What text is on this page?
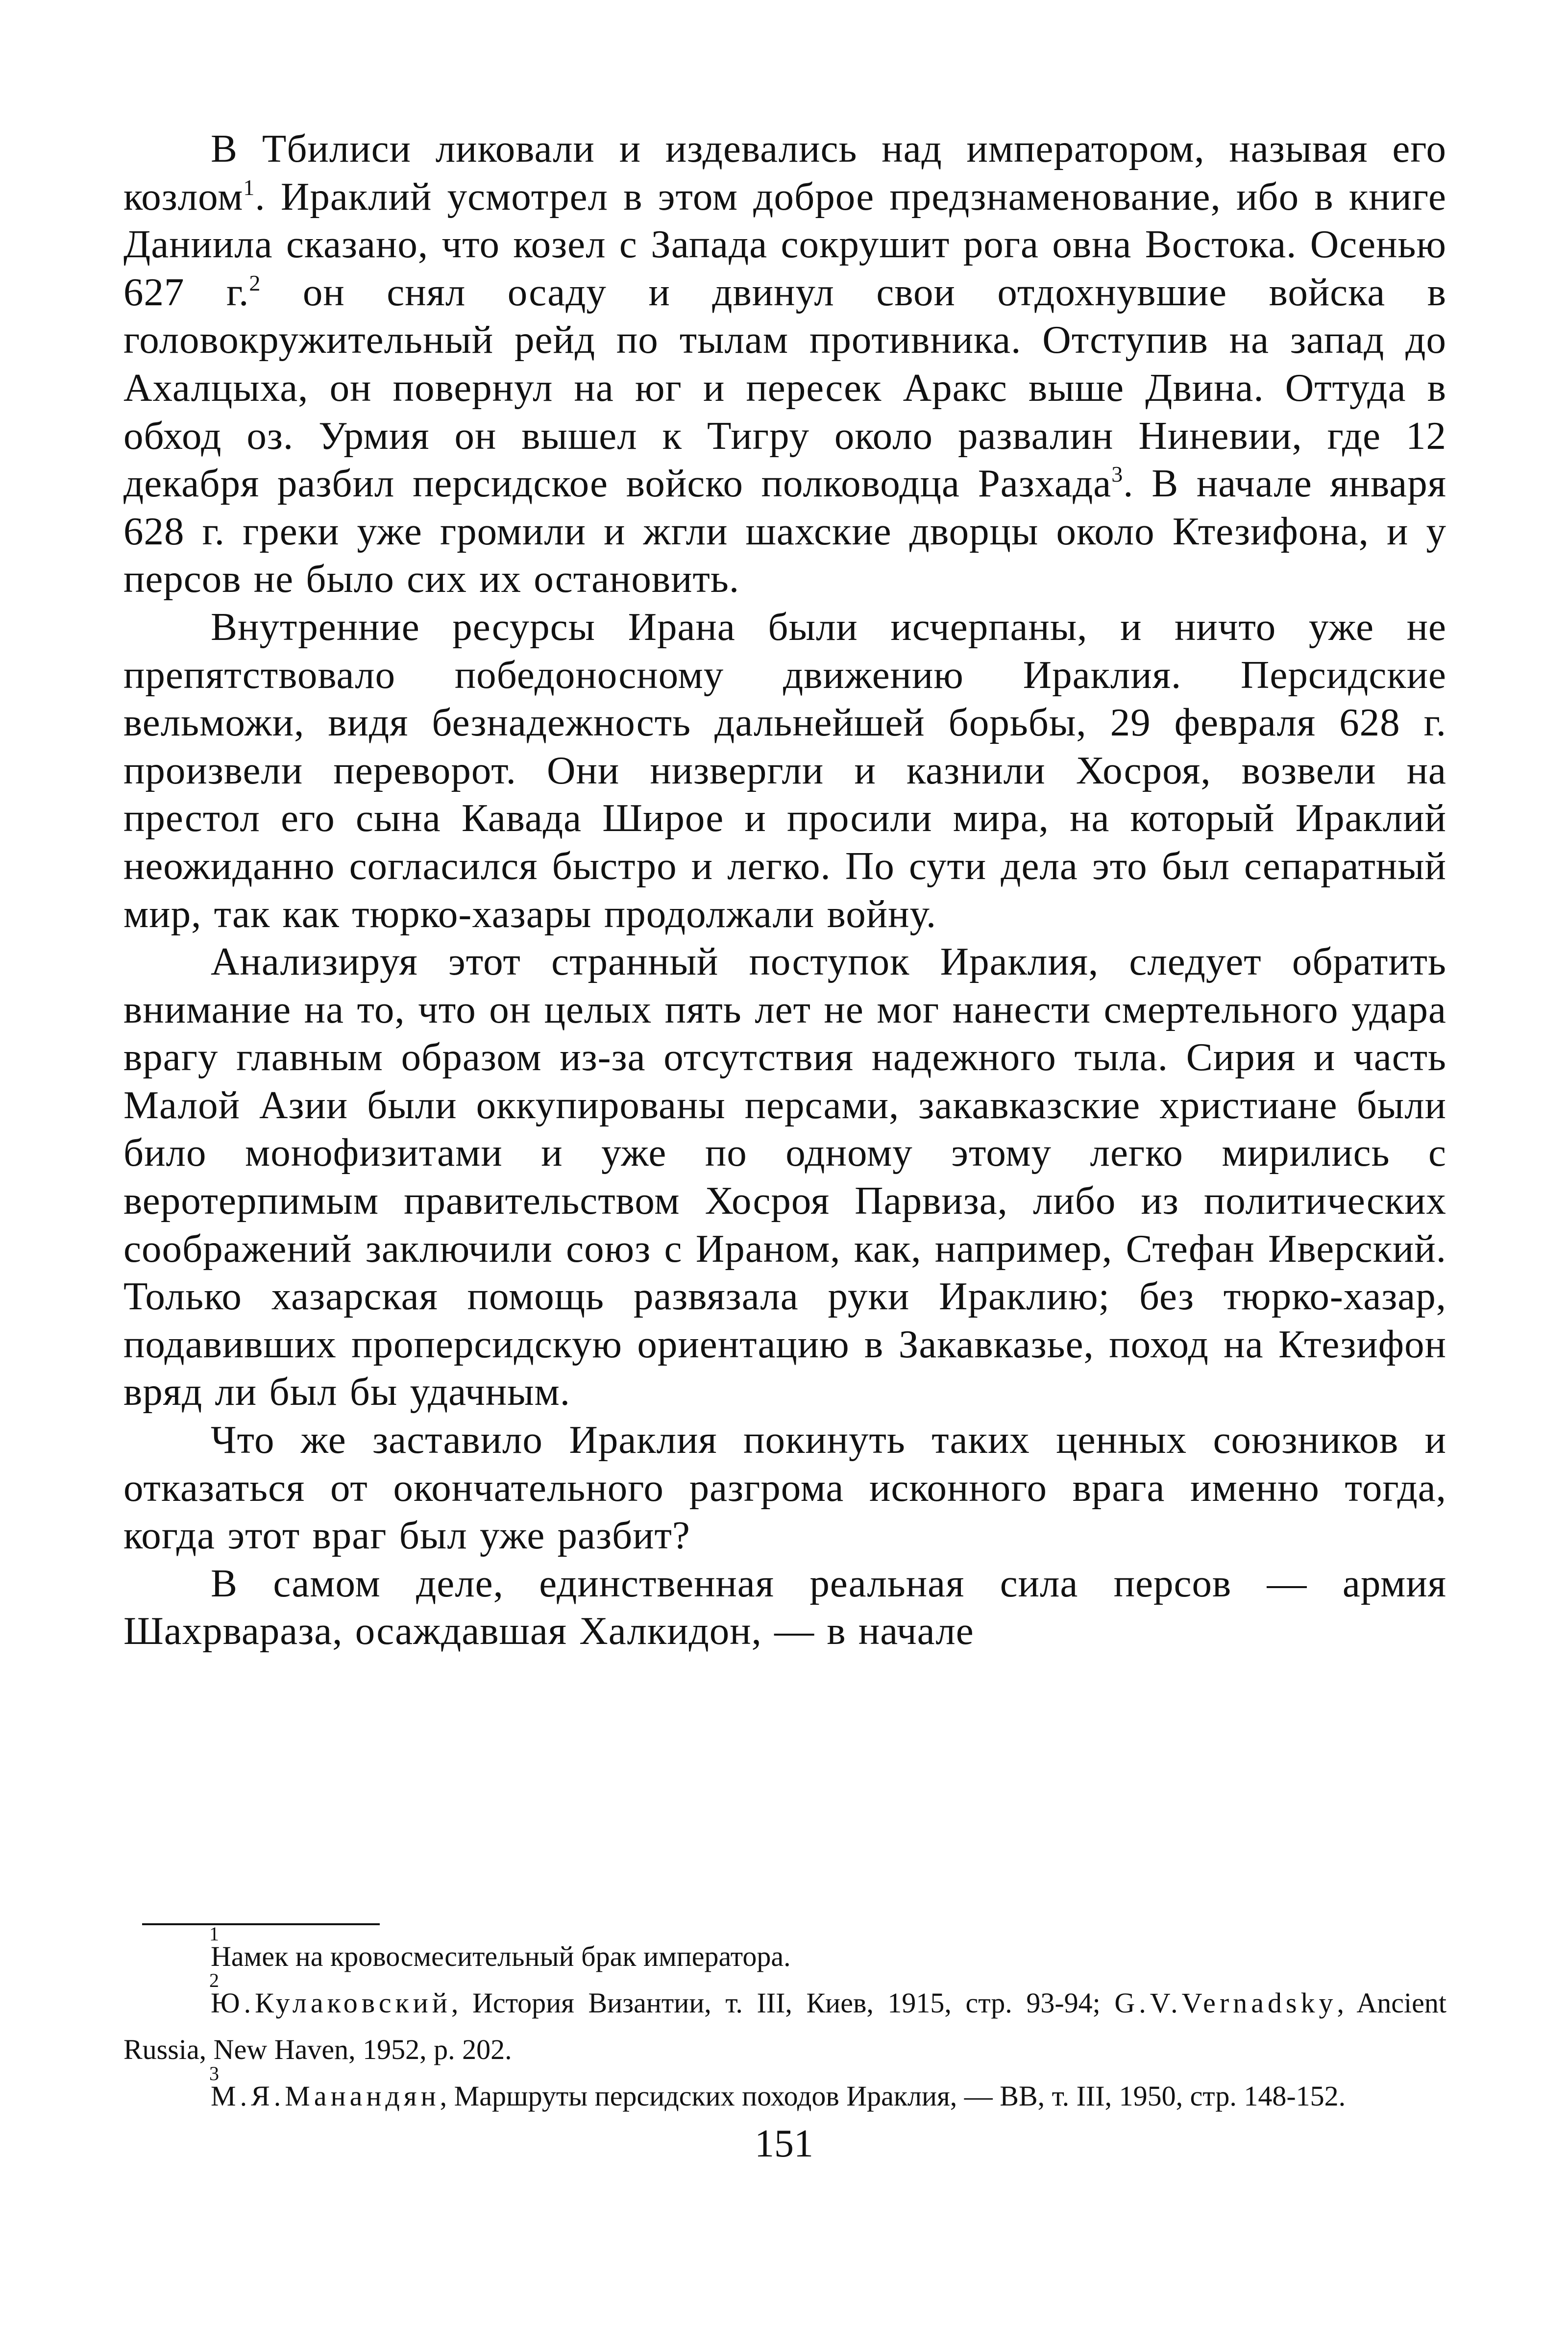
В Тбилиси ликовали и издевались над императором, называя его козлом$^1$. Ираклий усмотрел в этом доброе предзнаменование, ибо в книге Даниила сказано, что козел с Запада сокрушит рога овна Востока. Осенью 627 г.$^2$ он снял осаду и двинул свои отдохнувшие войска в головокружительный рейд по тылам противника. Отступив на запад до Ахалцыха, он повернул на юг и пересек Аракс выше Двина. Оттуда в обход оз. Урмия он вышел к Тигру около развалин Ниневии, где 12 декабря разбил персидское войско полководца Разхада$^3$. В начале января 628 г. греки уже громили и жгли шахские дворцы около Ктезифона, и у персов не было сих их остановить.

Внутренние ресурсы Ирана были исчерпаны, и ничто уже не препятствовало победоносному движению Ираклия. Персидские вельможи, видя безнадежность дальнейшей борьбы, 29 февраля 628 г. произвели переворот. Они низвергли и казнили Хосроя, возвели на престол его сына Кавада Широе и просили мира, на который Ираклий неожиданно согласился быстро и легко. По сути дела это был сепаратный мир, так как тюрко-хазары продолжали войну.

Анализируя этот странный поступок Ираклия, следует обратить внимание на то, что он целых пять лет не мог нанести смертельного удара врагу главным образом из-за отсутствия надежного тыла. Сирия и часть Малой Азии были оккупированы персами, закавказские христиане были било монофизитами и уже по одному этому легко мирились с веротерпимым правительством Хосроя Парвиза, либо из политических соображений заключили союз с Ираном, как, например, Стефан Иверский. Только хазарская помощь развязала руки Ираклию; без тюрко-хазар, подавивших проперсидскую ориентацию в Закавказье, поход на Ктезифон вряд ли был бы удачным.

Что же заставило Ираклия покинуть таких ценных союзников и отказаться от окончательного разгрома исконного врага именно тогда, когда этот враг был уже разбит?

В самом деле, единственная реальная сила персов — армия Шахрвараза, осаждавшая Халкидон, — в начале

1
Намек на кровосмесительный брак императора.

2
Ю.Кулаковский, История Византии, т. III, Киев, 1915, стр. 93-94; G.V.Vernadsky, Ancient Russia, New Haven, 1952, p. 202.

3
М.Я.Манандян, Маршруты персидских походов Ираклия, — ВВ, т. III, 1950, стр. 148-152.

151
